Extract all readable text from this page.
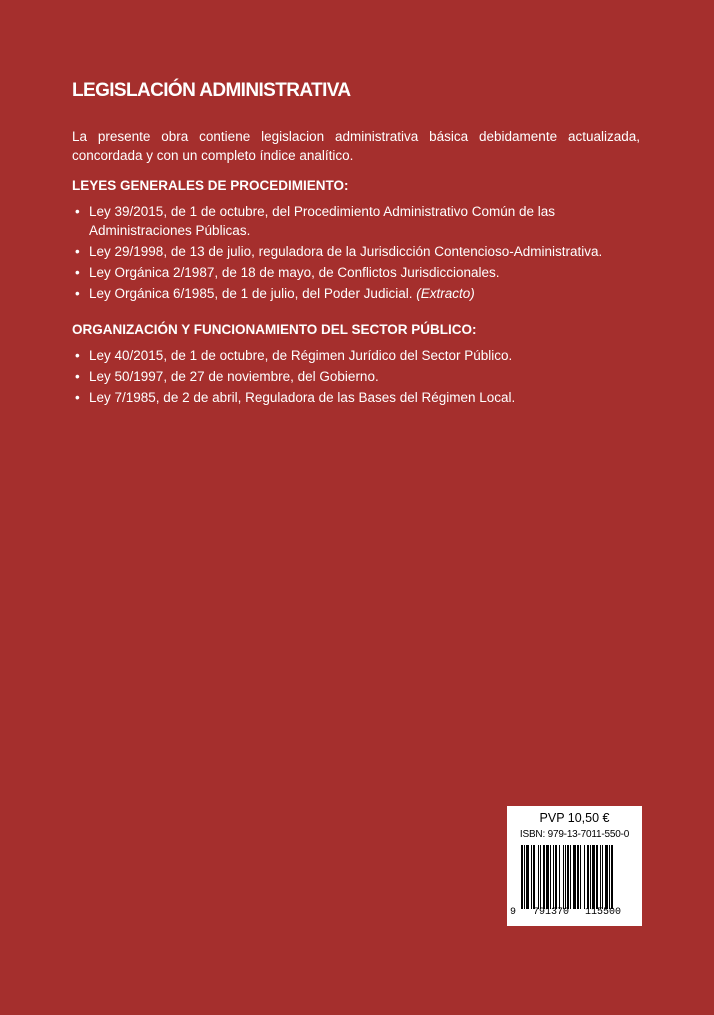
LEGISLACIÓN ADMINISTRATIVA

La presente obra contiene legislacion administrativa básica debidamente actualizada, concordada y con un completo índice analítico.

LEYES GENERALES DE PROCEDIMIENTO:
• Ley 39/2015, de 1 de octubre, del Procedimiento Administrativo Común de las Administraciones Públicas.
• Ley 29/1998, de 13 de julio, reguladora de la Jurisdicción Contencioso-Administrativa.
• Ley Orgánica 2/1987, de 18 de mayo, de Conflictos Jurisdiccionales.
• Ley Orgánica 6/1985, de 1 de julio, del Poder Judicial. (Extracto)
ORGANIZACIÓN Y FUNCIONAMIENTO DEL SECTOR PÚBLICO:
• Ley 40/2015, de 1 de octubre, de Régimen Jurídico del Sector Público.
• Ley 50/1997, de 27 de noviembre, del Gobierno.
• Ley 7/1985, de 2 de abril, Reguladora de las Bases del Régimen Local.
PVP 10,50 €
ISBN: 979-13-7011-550-0
9 791370 115500
